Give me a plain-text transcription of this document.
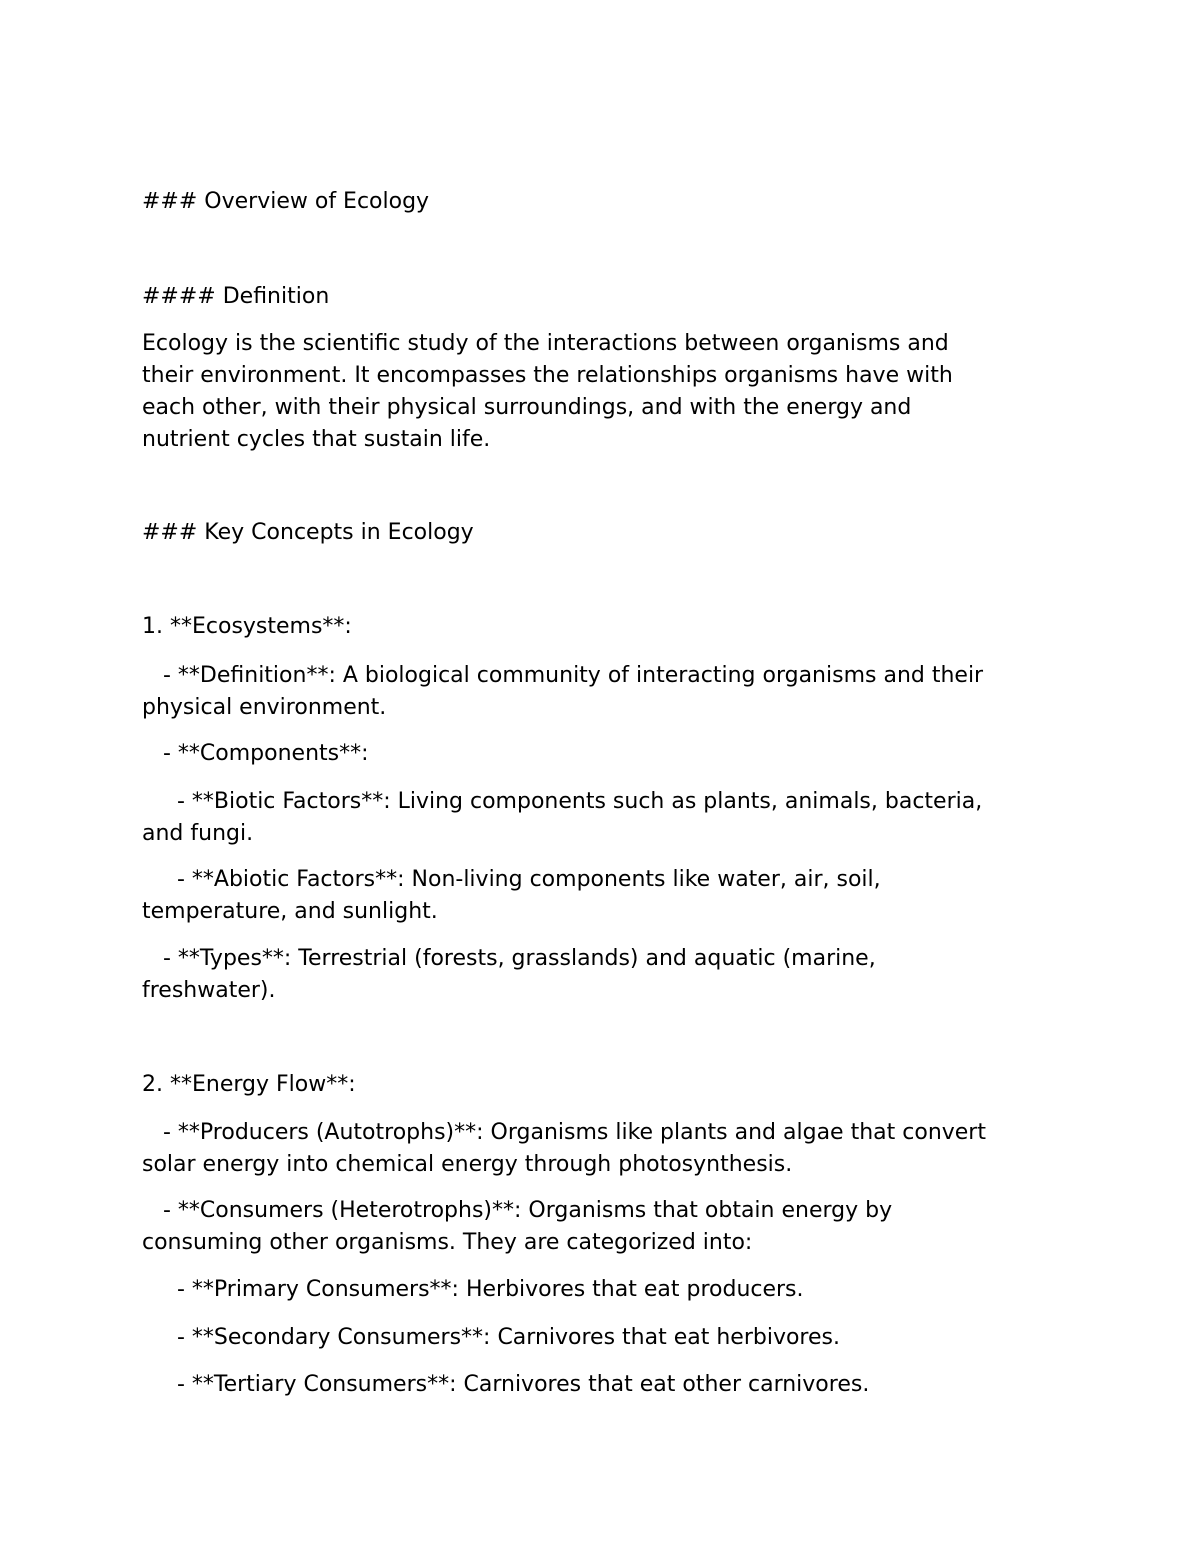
### Overview of Ecology

#### Definition

Ecology is the scientific study of the interactions between organisms and

their environment. It encompasses the relationships organisms have with

each other, with their physical surroundings, and with the energy and

nutrient cycles that sustain life.

### Key Concepts in Ecology

1. **Ecosystems**:

- **Definition**: A biological community of interacting organisms and their

physical environment.

- **Components**:

- **Biotic Factors**: Living components such as plants, animals, bacteria,

and fungi.

- **Abiotic Factors**: Non-living components like water, air, soil,

temperature, and sunlight.

- **Types**: Terrestrial (forests, grasslands) and aquatic (marine,

freshwater).

2. **Energy Flow**:

- **Producers (Autotrophs)**: Organisms like plants and algae that convert

solar energy into chemical energy through photosynthesis.

- **Consumers (Heterotrophs)**: Organisms that obtain energy by

consuming other organisms. They are categorized into:

- **Primary Consumers**: Herbivores that eat producers.

- **Secondary Consumers**: Carnivores that eat herbivores.

- **Tertiary Consumers**: Carnivores that eat other carnivores.
